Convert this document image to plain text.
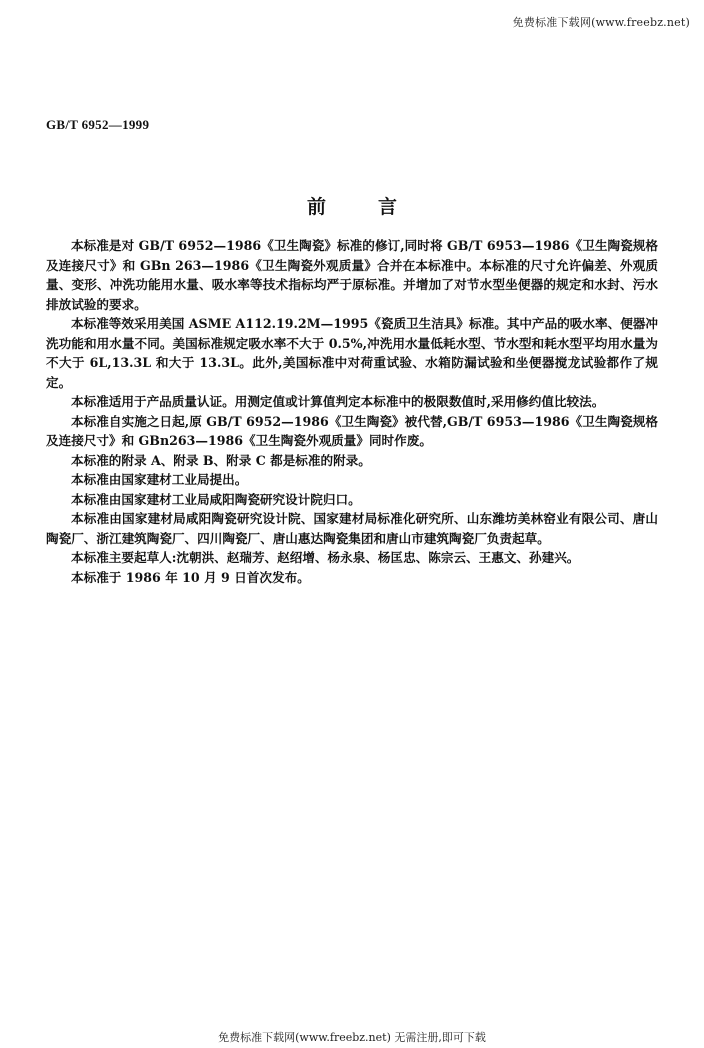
免费标准下载网(www.freebz.net)
GB/T 6952—1999
前言

本标准是对 GB/T 6952—1986《卫生陶瓷》标准的修订,同时将 GB/T 6953—1986《卫生陶瓷规格及连接尺寸》和 GBn 263—1986《卫生陶瓷外观质量》合并在本标准中。本标准的尺寸允许偏差、外观质量、变形、冲洗功能用水量、吸水率等技术指标均严于原标准。并增加了对节水型坐便器的规定和水封、污水排放试验的要求。

本标准等效采用美国 ASME A112.19.2M—1995《瓷质卫生洁具》标准。其中产品的吸水率、便器冲洗功能和用水量不同。美国标准规定吸水率不大于 0.5%,冲洗用水量低耗水型、节水型和耗水型平均用水量为不大于 6L,13.3L 和大于 13.3L。此外,美国标准中对荷重试验、水箱防漏试验和坐便器搅龙试验都作了规定。

本标准适用于产品质量认证。用测定值或计算值判定本标准中的极限数值时,采用修约值比较法。

本标准自实施之日起,原 GB/T 6952—1986《卫生陶瓷》被代替,GB/T 6953—1986《卫生陶瓷规格及连接尺寸》和 GBn263—1986《卫生陶瓷外观质量》同时作废。

本标准的附录 A、附录 B、附录 C 都是标准的附录。

本标准由国家建材工业局提出。

本标准由国家建材工业局咸阳陶瓷研究设计院归口。

本标准由国家建材局咸阳陶瓷研究设计院、国家建材局标准化研究所、山东潍坊美林窑业有限公司、唐山陶瓷厂、浙江建筑陶瓷厂、四川陶瓷厂、唐山惠达陶瓷集团和唐山市建筑陶瓷厂负责起草。

本标准主要起草人:沈朝洪、赵瑞芳、赵绍增、杨永泉、杨匡忠、陈宗云、王惠文、孙建兴。

本标准于 1986 年 10 月 9 日首次发布。

免费标准下载网(www.freebz.net) 无需注册,即可下载
